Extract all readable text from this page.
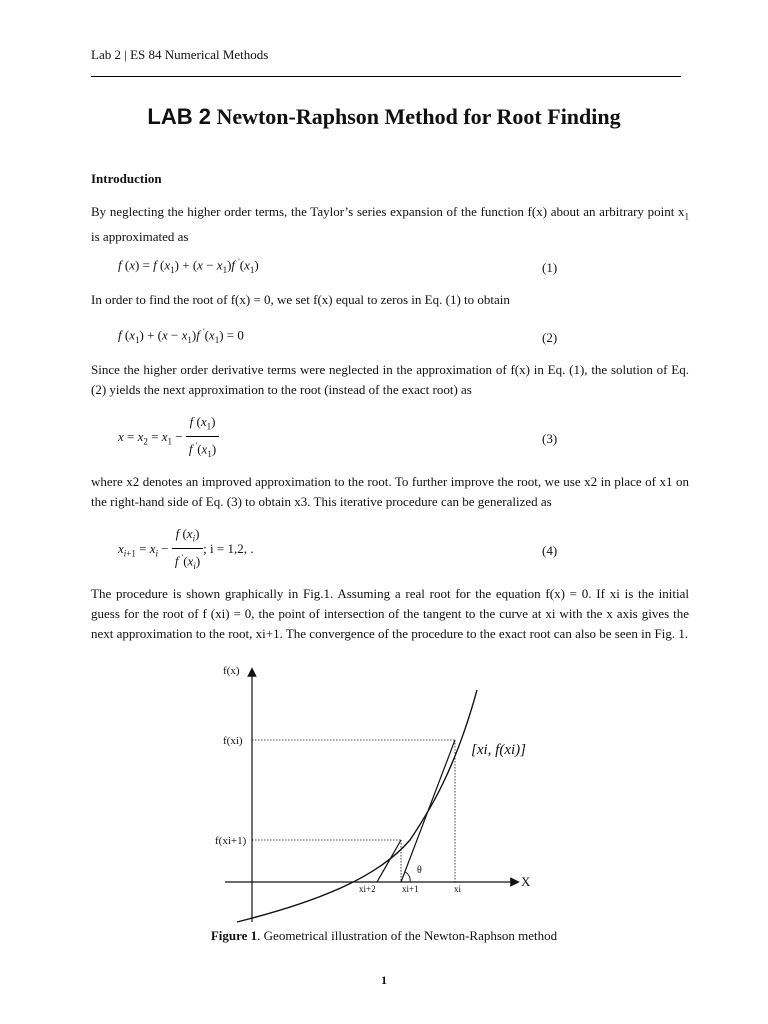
Lab 2 | ES 84 Numerical Methods
LAB 2 Newton-Raphson Method for Root Finding
Introduction
By neglecting the higher order terms, the Taylor’s series expansion of the function f(x) about an arbitrary point $x_1$ is approximated as
f (x) = f $(x_1) + (x - x_1)f$ $'(x_1)$	(1)
In order to find the root of f(x) = 0, we set f(x) equal to zeros in Eq. (1) to obtain
f $(x_1) + (x - x_1)f$ $'(x_1) = 0$	(2)
Since the higher order derivative terms were neglected in the approximation of f(x) in Eq. (1), the solution of Eq. (2) yields the next approximation to the root (instead of the exact root) as
$x = x_2 = x_1 - \frac{f (x_1)}{f '(x_1)}$	(3)
where x2 denotes an improved approximation to the root. To further improve the root, we use x2 in place of x1 on the right-hand side of Eq. (3) to obtain x3. This iterative procedure can be generalized as
$x_{i+1} = x_i - \frac{f (x_i)}{f '(x_i)}$ ; i = 1,2, .	(4)
The procedure is shown graphically in Fig.1. Assuming a real root for the equation f(x) = 0. If xi is the initial guess for the root of f (xi) = 0, the point of intersection of the tangent to the curve at xi with the x axis gives the next approximation to the root, xi+1. The convergence of the procedure to the exact root can also be seen in Fig. 1.
f(x)
X
f(xi)
f(xi+1)
xi+2	xi+1	xi
θ
[xi, f(xi)]
Figure 1. Geometrical illustration of the Newton-Raphson method
1
